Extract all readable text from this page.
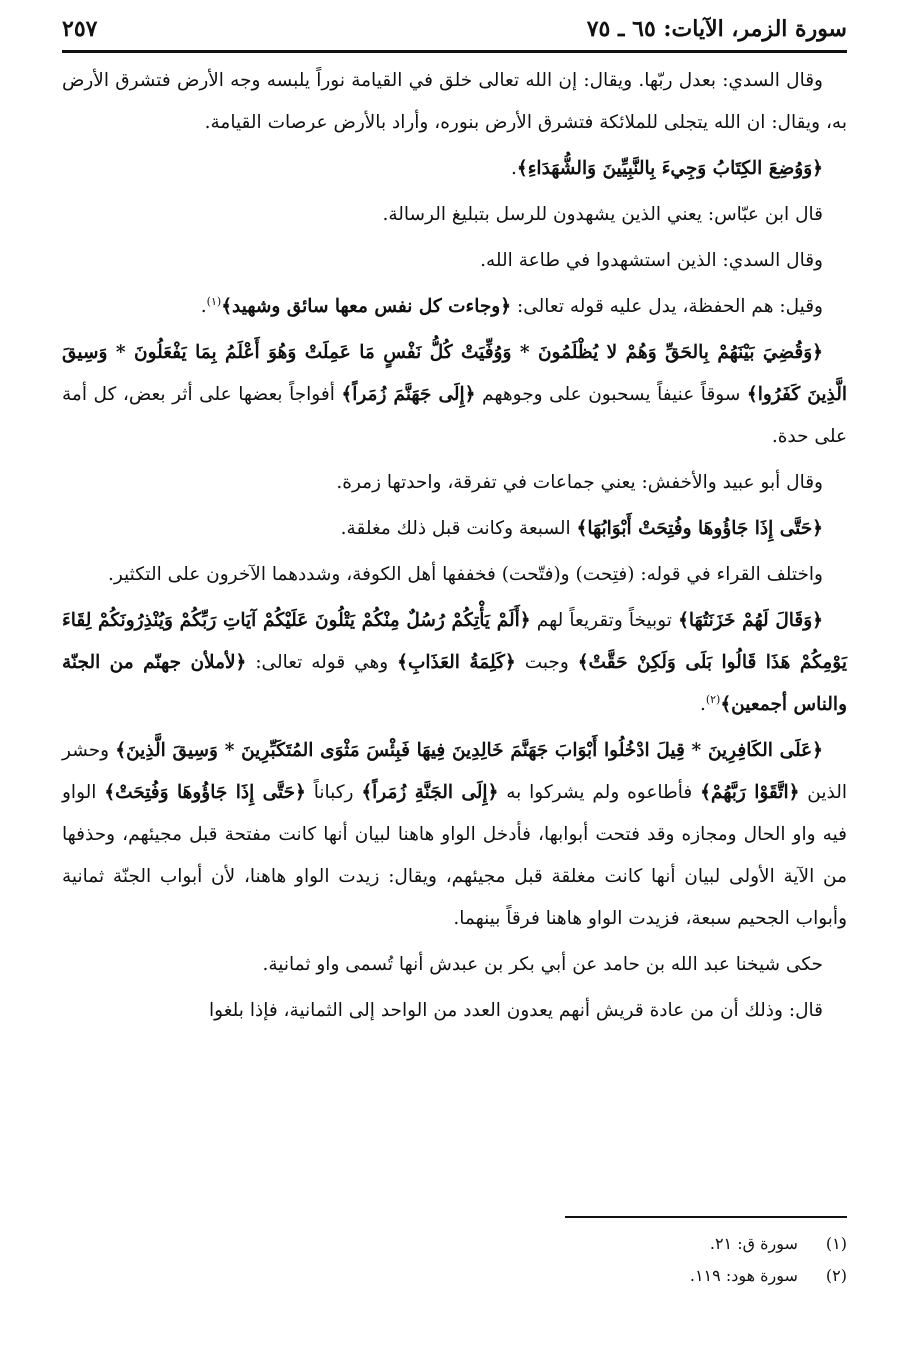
سورة الزمر، الآيات: ٦٥ ـ ٧٥
٢٥٧

وقال السدي: بعدل ربّها. ويقال: إن الله تعالى خلق في القيامة نوراً يلبسه وجه الأرض فتشرق الأرض به، ويقال: ان الله يتجلى للملائكة فتشرق الأرض بنوره، وأراد بالأرض عرصات القيامة.

﴿وَوُضِعَ الكِتَابُ وَجِيءَ بِالنَّبِيِّينَ وَالشُّهَدَاءِ﴾.

قال ابن عبّاس: يعني الذين يشهدون للرسل بتبليغ الرسالة.

وقال السدي: الذين استشهدوا في طاعة الله.

وقيل: هم الحفظة، يدل عليه قوله تعالى: ﴿وجاءت كل نفس معها سائق وشهيد﴾$^{(١)}$.

﴿وَقُضِيَ بَيْنَهُمْ بِالحَقِّ وَهُمْ لا يُظْلَمُونَ * وَوُفِّيَتْ كُلُّ نَفْسٍ مَا عَمِلَتْ وَهُوَ أَعْلَمُ بِمَا يَفْعَلُونَ * وَسِيقَ الَّذِينَ كَفَرُوا﴾ سوقاً عنيفاً يسحبون على وجوههم ﴿إِلَى جَهَنَّمَ زُمَراً﴾ أفواجاً بعضها على أثر بعض، كل أمة على حدة.

وقال أبو عبيد والأخفش: يعني جماعات في تفرقة، واحدتها زمرة.

﴿حَتَّى إِذَا جَاؤُوهَا وفُتِحَتْ أَبْوَابُهَا﴾ السبعة وكانت قبل ذلك مغلقة.

واختلف القراء في قوله: (فتِحت) و(فتّحت) فخففها أهل الكوفة، وشددهما الآخرون على التكثير.

﴿وَقَالَ لَهُمْ خَزَنَتُهَا﴾ توبيخاً وتقريعاً لهم ﴿أَلَمْ يَأْتِكُمْ رُسُلٌ مِنْكُمْ يَتْلُونَ عَلَيْكُمْ آيَاتِ رَبِّكُمْ وَيُنْذِرُونَكُمْ لِقَاءَ يَوْمِكُمْ هَذَا قَالُوا بَلَى وَلَكِنْ حَقَّتْ﴾ وجبت ﴿كَلِمَةُ العَذَابِ﴾ وهي قوله تعالى: ﴿لأملأن جهنّم من الجنّة والناس أجمعين﴾$^{(٢)}$.

﴿عَلَى الكَافِرِينَ * قِيلَ ادْخُلُوا أَبْوَابَ جَهَنَّمَ خَالِدِينَ فِيهَا فَبِئْسَ مَثْوَى المُتَكَبِّرِينَ * وَسِيقَ الَّذِينَ﴾ وحشر الذين ﴿اتَّقَوْا رَبَّهُمْ﴾ فأطاعوه ولم يشركوا به ﴿إِلَى الجَنَّةِ زُمَراً﴾ ركباناً ﴿حَتَّى إِذَا جَاؤُوهَا وَفُتِحَتْ﴾ الواو فيه واو الحال ومجازه وقد فتحت أبوابها، فأدخل الواو هاهنا لبيان أنها كانت مفتحة قبل مجيئهم، وحذفها من الآية الأولى لبيان أنها كانت مغلقة قبل مجيئهم، ويقال: زيدت الواو هاهنا، لأن أبواب الجنّة ثمانية وأبواب الجحيم سبعة، فزيدت الواو هاهنا فرقاً بينهما.

حكى شيخنا عبد الله بن حامد عن أبي بكر بن عبدش أنها تُسمى واو ثمانية.

قال: وذلك أن من عادة قريش أنهم يعدون العدد من الواحد إلى الثمانية، فإذا بلغوا

(١) سورة ق: ٢١.
(٢) سورة هود: ١١٩.
